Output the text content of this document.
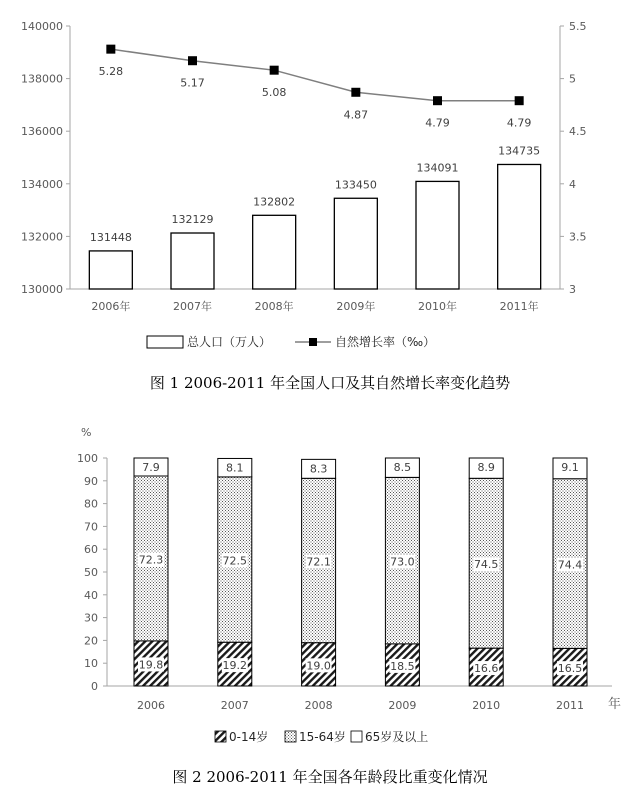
130000
132000
134000
136000
138000
140000
3
3.5
4
4.5
5
5.5
131448
132129
132802
133450
134091
134735
5.28
5.17
5.08
4.87
4.79	4.79
2006年	2007年	2008年	2009年	2010年	2011年
总人口（万人）	自然增长率（‰）
图 1 2006-2011 年全国人口及其自然增长率变化趋势
%
0
10
20
30
40
50
60
70
80
90
100
19.8
72.3
7.9
19.2
72.5
8.1
19.0
72.1
8.3
18.5
73.0
8.5
16.6
74.5
8.9
16.5
74.4
9.1
2006	2007	2008	2009	2010	2011 年
0-14岁	15-64岁 65岁及以上
图 2 2006-2011 年全国各年龄段比重变化情况
